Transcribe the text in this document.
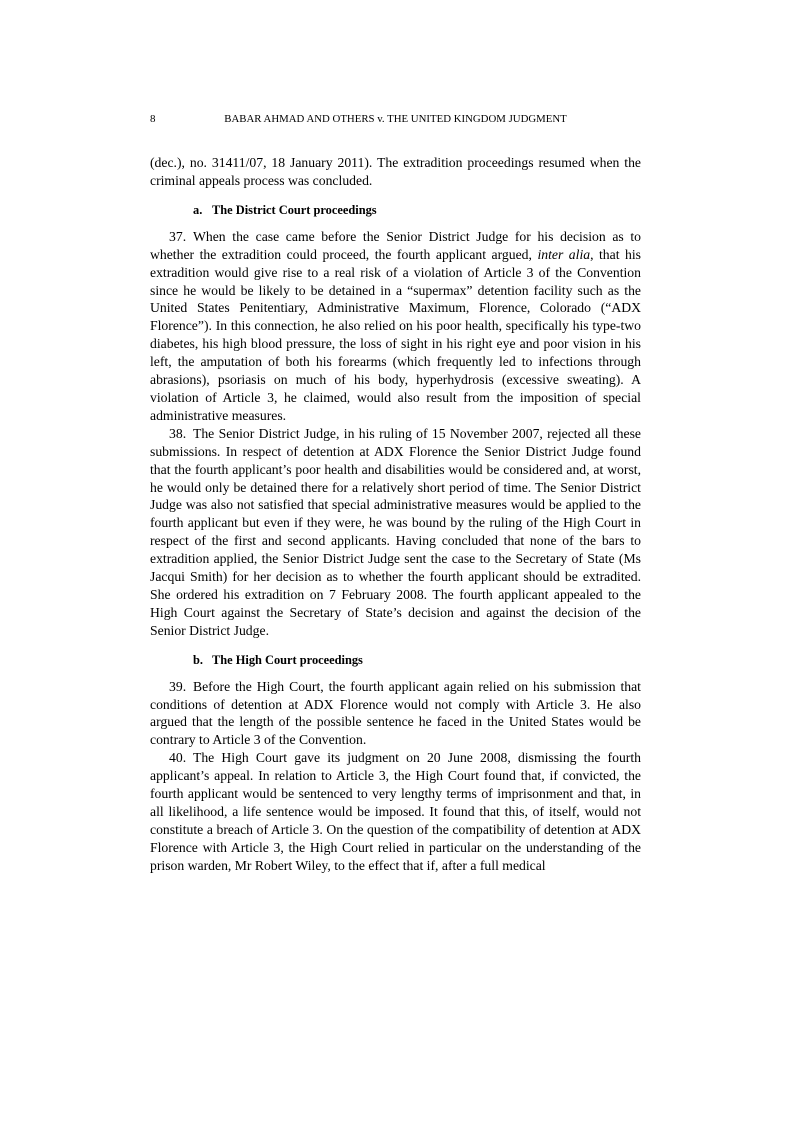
8	BABAR AHMAD AND OTHERS v. THE UNITED KINGDOM JUDGMENT

(dec.), no. 31411/07, 18 January 2011). The extradition proceedings resumed when the criminal appeals process was concluded.

a. The District Court proceedings

37. When the case came before the Senior District Judge for his decision as to whether the extradition could proceed, the fourth applicant argued, inter alia, that his extradition would give rise to a real risk of a violation of Article 3 of the Convention since he would be likely to be detained in a “supermax” detention facility such as the United States Penitentiary, Administrative Maximum, Florence, Colorado (“ADX Florence”). In this connection, he also relied on his poor health, specifically his type-two diabetes, his high blood pressure, the loss of sight in his right eye and poor vision in his left, the amputation of both his forearms (which frequently led to infections through abrasions), psoriasis on much of his body, hyperhydrosis (excessive sweating). A violation of Article 3, he claimed, would also result from the imposition of special administrative measures.

38. The Senior District Judge, in his ruling of 15 November 2007, rejected all these submissions. In respect of detention at ADX Florence the Senior District Judge found that the fourth applicant’s poor health and disabilities would be considered and, at worst, he would only be detained there for a relatively short period of time. The Senior District Judge was also not satisfied that special administrative measures would be applied to the fourth applicant but even if they were, he was bound by the ruling of the High Court in respect of the first and second applicants. Having concluded that none of the bars to extradition applied, the Senior District Judge sent the case to the Secretary of State (Ms Jacqui Smith) for her decision as to whether the fourth applicant should be extradited. She ordered his extradition on 7 February 2008. The fourth applicant appealed to the High Court against the Secretary of State’s decision and against the decision of the Senior District Judge.

b. The High Court proceedings

39. Before the High Court, the fourth applicant again relied on his submission that conditions of detention at ADX Florence would not comply with Article 3. He also argued that the length of the possible sentence he faced in the United States would be contrary to Article 3 of the Convention.

40. The High Court gave its judgment on 20 June 2008, dismissing the fourth applicant’s appeal. In relation to Article 3, the High Court found that, if convicted, the fourth applicant would be sentenced to very lengthy terms of imprisonment and that, in all likelihood, a life sentence would be imposed. It found that this, of itself, would not constitute a breach of Article 3. On the question of the compatibility of detention at ADX Florence with Article 3, the High Court relied in particular on the understanding of the prison warden, Mr Robert Wiley, to the effect that if, after a full medical
